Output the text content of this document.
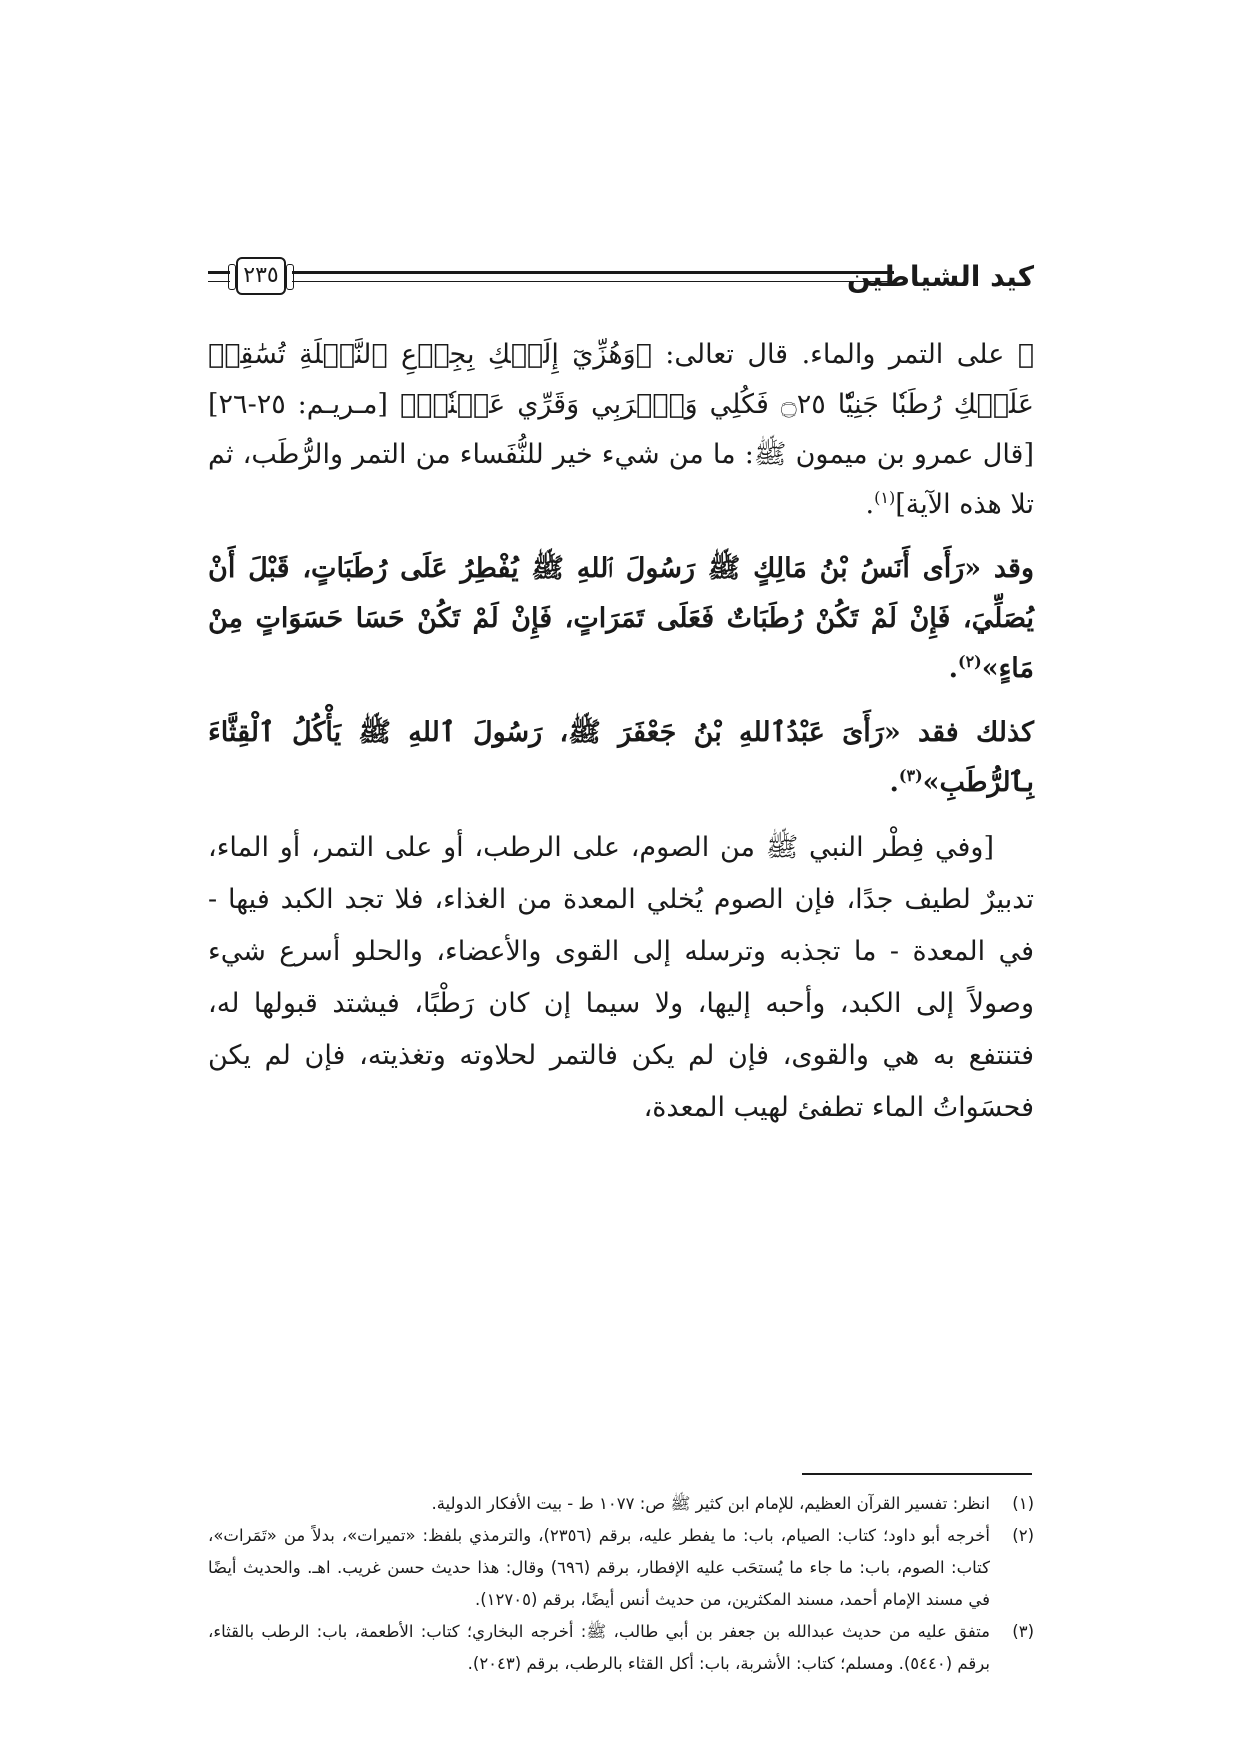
٢٣٥	كيد الشياطين

ﷺ على التمر والماء. قال تعالى: ﴿وَهُزِّيٓ إِلَيۡكِ بِجِذۡعِ ٱلنَّخۡلَةِ تُسَٰقِطۡ عَلَيۡكِ رُطَبٗا جَنِيّٗا ۝٢٥ فَكُلِي وَٱشۡرَبِي وَقَرِّي عَيۡنٗاۖ﴾ [مـريـم: ٢٥-٢٦] [قال عمرو بن ميمون ﷺ: ما من شيء خير للنُّفَساء من التمر والرُّطَب، ثم تلا هذه الآية]$^{(١)}$.

وقد «رَأَى أَنَسُ بْنُ مَالِكٍ ﷺ رَسُولَ ٱللهِ ﷺ يُفْطِرُ عَلَى رُطَبَاتٍ، قَبْلَ أَنْ يُصَلِّيَ، فَإِنْ لَمْ تَكُنْ رُطَبَاتٌ فَعَلَى تَمَرَاتٍ، فَإِنْ لَمْ تَكُنْ حَسَا حَسَوَاتٍ مِنْ مَاءٍ»$^{(٢)}$.

كذلك فقد «رَأَىَ عَبْدُٱللهِ بْنُ جَعْفَرَ ﷺ، رَسُولَ ٱللهِ ﷺ يَأْكُلُ ٱلْقِثَّاءَ بِٱلرُّطَبِ»$^{(٣)}$.

[وفي فِطْر النبي ﷺ من الصوم، على الرطب، أو على التمر، أو الماء، تدبيرٌ لطيف جدًا، فإن الصوم يُخلي المعدة من الغذاء، فلا تجد الكبد فيها - في المعدة - ما تجذبه وترسله إلى القوى والأعضاء، والحلو أسرع شيء وصولاً إلى الكبد، وأحبه إليها، ولا سيما إن كان رَطْبًا، فيشتد قبولها له، فتنتفع به هي والقوى، فإن لم يكن فالتمر لحلاوته وتغذيته، فإن لم يكن فحسَواتُ الماء تطفئ لهيب المعدة،

(١)
انظر: تفسير القرآن العظيم، للإمام ابن كثير ﷺ ص: ١٠٧٧ ط - بيت الأفكار الدولية.
(٢)
أخرجه أبو داود؛ كتاب: الصيام، باب: ما يفطر عليه، برقم (٢٣٥٦)، والترمذي بلفظ: «تميرات»، بدلاً من «تَمَرات»، كتاب: الصوم، باب: ما جاء ما يُستحَب عليه الإفطار، برقم (٦٩٦) وقال: هذا حديث حسن غريب. اهـ. والحديث أيضًا في مسند الإمام أحمد، مسند المكثرين، من حديث أنس أيضًا، برقم (١٢٧٠٥).
(٣)
متفق عليه من حديث عبدالله بن جعفر بن أبي طالب، ﷺ: أخرجه البخاري؛ كتاب: الأطعمة، باب: الرطب بالقثاء، برقم (٥٤٤٠). ومسلم؛ كتاب: الأشربة، باب: أكل القثاء بالرطب، برقم (٢٠٤٣).
